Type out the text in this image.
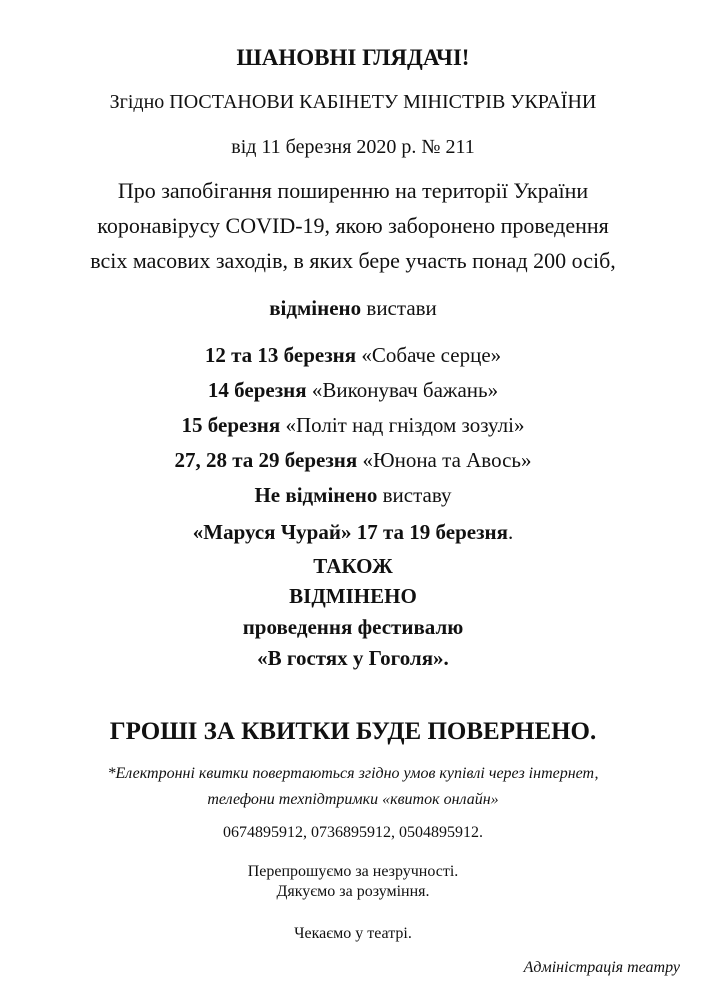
ШАНОВНІ ГЛЯДАЧІ!
Згідно ПОСТАНОВИ КАБІНЕТУ МІНІСТРІВ УКРАЇНИ
від 11 березня 2020 р. № 211
Про запобігання поширенню на території України
коронавірусу COVID-19, якою заборонено проведення
всіх масових заходів, в яких бере участь понад 200 осіб,
відмінено вистави
12 та 13 березня «Собаче серце»
14 березня «Виконувач бажань»
15 березня «Політ над гніздом зозулі»
27, 28 та 29 березня «Юнона та Авось»
Не відмінено виставу
«Маруся Чурай» 17 та 19 березня.
ТАКОЖ
ВІДМІНЕНО
проведення фестивалю
«В гостях у Гоголя».
ГРОШІ ЗА КВИТКИ БУДЕ ПОВЕРНЕНО.
*Електронні квитки повертаються згідно умов купівлі через інтернет,
телефони техпідтримки «квиток онлайн»
0674895912, 0736895912, 0504895912.
Перепрошуємо за незручності.
Дякуємо за розуміння.
Чекаємо у театрі.
Адміністрація театру
